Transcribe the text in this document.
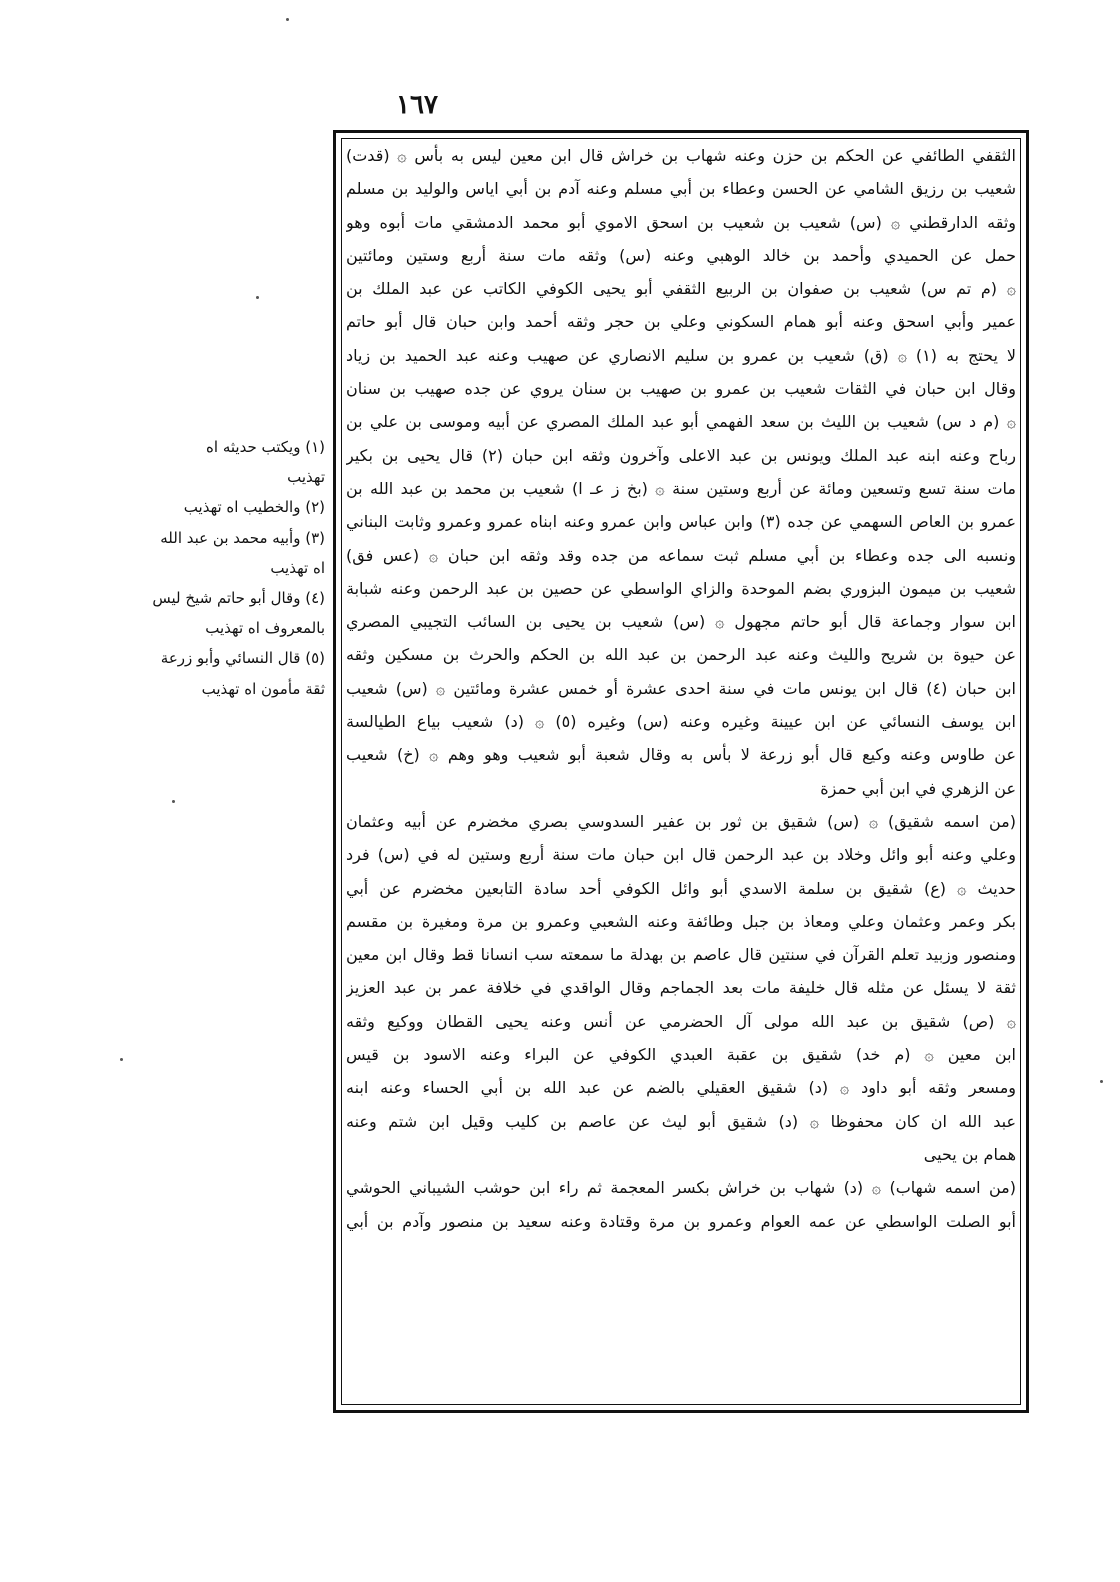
١٦٧
الثقفي الطائفي عن الحكم بن حزن وعنه شهاب بن خراش قال ابن معين ليس به بأس ۞ (قدت)
شعيب بن رزيق الشامي عن الحسن وعطاء بن أبي مسلم وعنه آدم بن أبي اياس والوليد بن مسلم
وثقه الدارقطني ۞ (س) شعيب بن شعيب بن اسحق الاموي أبو محمد الدمشقي مات أبوه وهو
حمل عن الحميدي وأحمد بن خالد الوهبي وعنه (س) وثقه مات سنة أربع وستين ومائتين
۞ (م تم س) شعيب بن صفوان بن الربيع الثقفي أبو يحيى الكوفي الكاتب عن عبد الملك بن
عمير وأبي اسحق وعنه أبو همام السكوني وعلي بن حجر وثقه أحمد وابن حبان قال أبو حاتم
لا يحتج به (١) ۞ (ق) شعيب بن عمرو بن سليم الانصاري عن صهيب وعنه عبد الحميد بن زياد
وقال ابن حبان في الثقات شعيب بن عمرو بن صهيب بن سنان يروي عن جده صهيب بن سنان
۞ (م د س) شعيب بن الليث بن سعد الفهمي أبو عبد الملك المصري عن أبيه وموسى بن علي بن
رباح وعنه ابنه عبد الملك ويونس بن عبد الاعلى وآخرون وثقه ابن حبان (٢) قال يحيى بن بكير
مات سنة تسع وتسعين ومائة عن أربع وستين سنة ۞ (بخ ز عـ ا) شعيب بن محمد بن عبد الله بن
عمرو بن العاص السهمي عن جده (٣) وابن عباس وابن عمرو وعنه ابناه عمرو وعمرو وثابت البناني
ونسبه الى جده وعطاء بن أبي مسلم ثبت سماعه من جده وقد وثقه ابن حبان ۞ (عس فق)
شعيب بن ميمون البزوري بضم الموحدة والزاي الواسطي عن حصين بن عبد الرحمن وعنه شبابة
ابن سوار وجماعة قال أبو حاتم مجهول ۞ (س) شعيب بن يحيى بن السائب التجيبي المصري
عن حيوة بن شريح والليث وعنه عبد الرحمن بن عبد الله بن الحكم والحرث بن مسكين وثقه
ابن حبان (٤) قال ابن يونس مات في سنة احدى عشرة أو خمس عشرة ومائتين ۞ (س) شعيب
ابن يوسف النسائي عن ابن عيينة وغيره وعنه (س) وغيره (٥) ۞ (د) شعيب بياع الطيالسة
عن طاوس وعنه وكيع قال أبو زرعة لا بأس به وقال شعبة أبو شعيب وهو وهم ۞ (خ) شعيب
عن الزهري في ابن أبي حمزة
(من اسمه شقيق) ۞ (س) شقيق بن ثور بن عفير السدوسي بصري مخضرم عن أبيه وعثمان
وعلي وعنه أبو وائل وخلاد بن عبد الرحمن قال ابن حبان مات سنة أربع وستين له في (س) فرد
حديث ۞ (ع) شقيق بن سلمة الاسدي أبو وائل الكوفي أحد سادة التابعين مخضرم عن أبي
بكر وعمر وعثمان وعلي ومعاذ بن جبل وطائفة وعنه الشعبي وعمرو بن مرة ومغيرة بن مقسم
ومنصور وزبيد تعلم القرآن في سنتين قال عاصم بن بهدلة ما سمعته سب انسانا قط وقال ابن معين
ثقة لا يسئل عن مثله قال خليفة مات بعد الجماجم وقال الواقدي في خلافة عمر بن عبد العزيز
۞ (ص) شقيق بن عبد الله مولى آل الحضرمي عن أنس وعنه يحيى القطان ووكيع وثقه
ابن معين ۞ (م خد) شقيق بن عقبة العبدي الكوفي عن البراء وعنه الاسود بن قيس
ومسعر وثقه أبو داود ۞ (د) شقيق العقيلي بالضم عن عبد الله بن أبي الحساء وعنه ابنه
عبد الله ان كان محفوظا ۞ (د) شقيق أبو ليث عن عاصم بن كليب وقيل ابن شتم وعنه
همام بن يحيى
(من اسمه شهاب) ۞ (د) شهاب بن خراش بكسر المعجمة ثم راء ابن حوشب الشيباني الحوشي
أبو الصلت الواسطي عن عمه العوام وعمرو بن مرة وقتادة وعنه سعيد بن منصور وآدم بن أبي
(١) ويكتب حديثه اه
تهذيب
(٢) والخطيب اه تهذيب
(٣) وأبيه محمد بن عبد الله
اه تهذيب
(٤) وقال أبو حاتم شيخ ليس
بالمعروف اه تهذيب
(٥) قال النسائي وأبو زرعة
ثقة مأمون اه تهذيب
